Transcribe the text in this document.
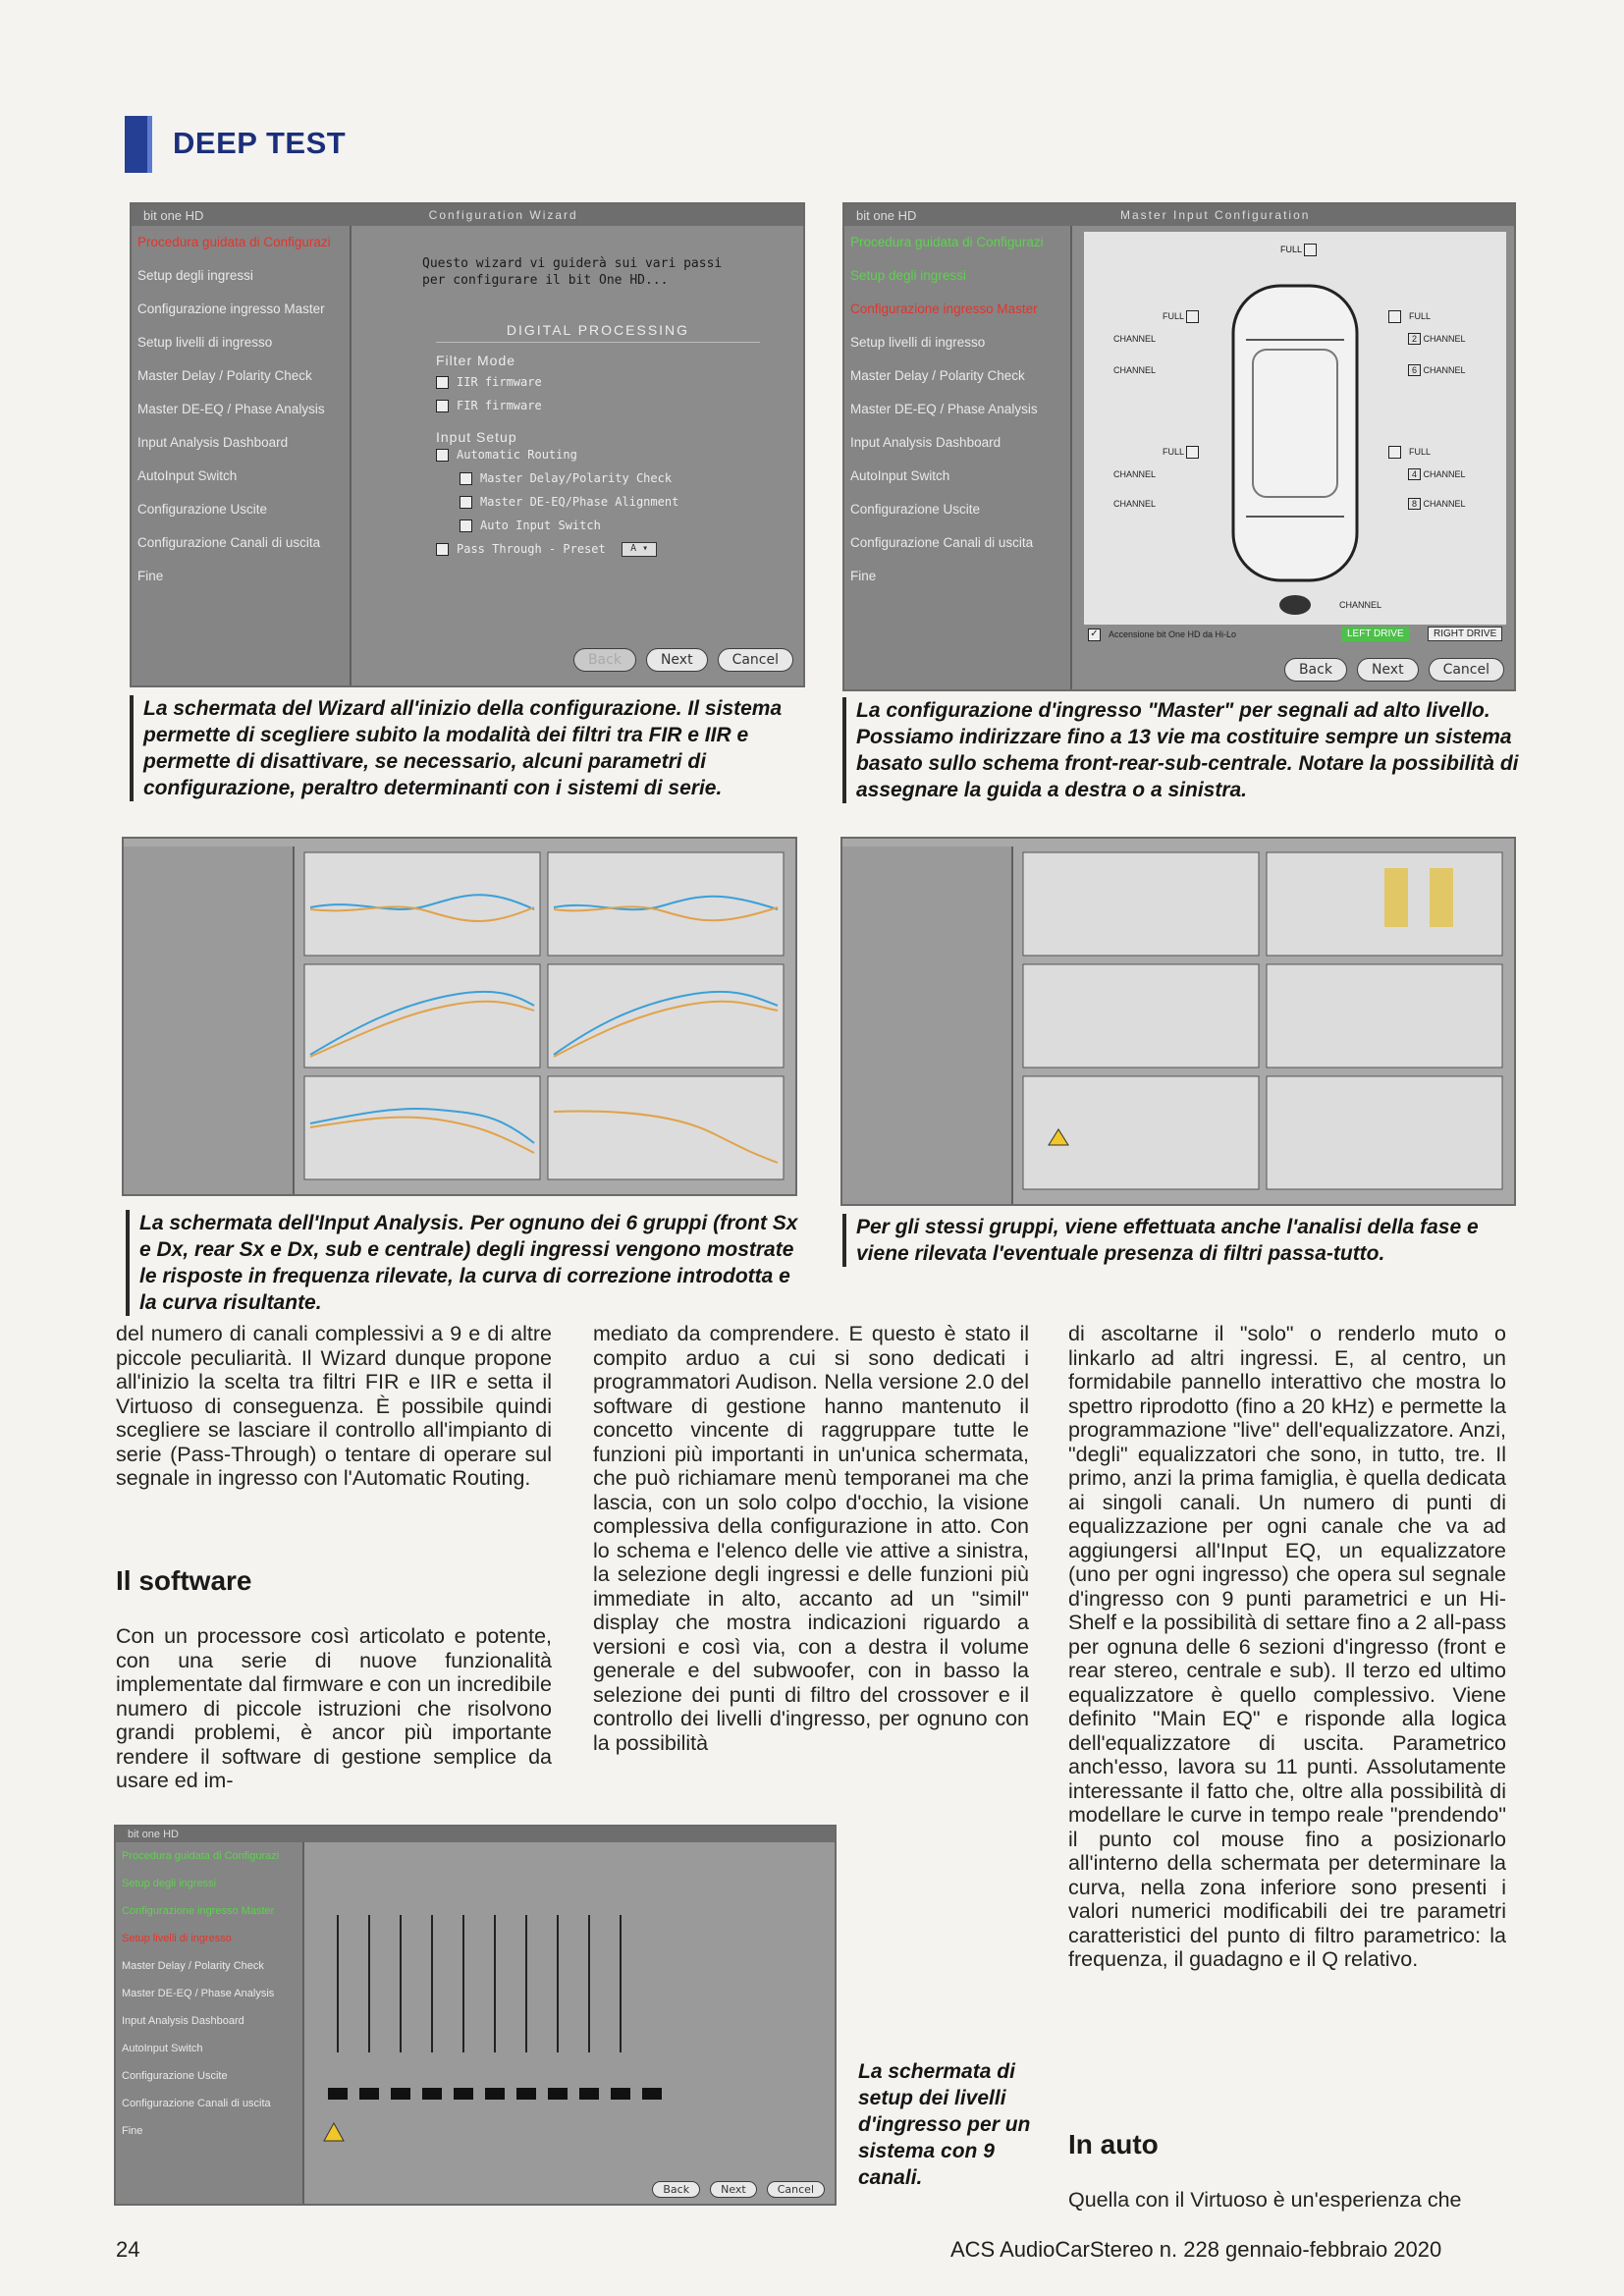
DEEP TEST
bit one HD	Configuration Wizard
Procedura guidata di Configurazi
Setup degli ingressi
Configurazione ingresso Master
Setup livelli di ingresso
Master Delay / Polarity Check
Master DE-EQ / Phase Analysis
Input Analysis Dashboard
AutoInput Switch
Configurazione Uscite
Configurazione Canali di uscita
Fine
Questo wizard vi guiderà sui vari passi per configurare il bit One HD...
DIGITAL PROCESSING
Filter Mode
IIR firmware
✓ FIR firmware
Input Setup
✓ Automatic Routing
✓ Master Delay/Polarity Check
✓ Master DE-EQ/Phase Alignment
✓ Auto Input Switch
Pass Through - Preset	A ▾
Back	Next	Cancel
bit one HD	Master Input Configuration
Procedura guidata di Configurazi
Setup degli ingressi
Configurazione ingresso Master
Setup livelli di ingresso
Master Delay / Polarity Check
Master DE-EQ / Phase Analysis
Input Analysis Dashboard
AutoInput Switch
Configurazione Uscite
Configurazione Canali di uscita
Fine
FULL
FULL	FULL
FULL	FULL
2 CHANNEL
6 CHANNEL
4 CHANNEL
8 CHANNEL
CHANNEL
CHANNEL
CHANNEL
CHANNEL
CHANNEL
✓ Accensione bit One HD da Hi-Lo	LEFT DRIVE	RIGHT DRIVE
Back	Next	Cancel
La schermata del Wizard all'inizio della configurazione. Il sistema permette di scegliere subito la modalità dei filtri tra FIR e IIR e permette di disattivare, se necessario, alcuni parametri di configurazione, peraltro determinanti con i sistemi di serie.
La configurazione d'ingresso "Master" per segnali ad alto livello. Possiamo indirizzare fino a 13 vie ma costituire sempre un sistema basato sullo schema front-rear-sub-centrale. Notare la possibilità di assegnare la guida a destra o a sinistra.
La schermata dell'Input Analysis. Per ognuno dei 6 gruppi (front Sx e Dx, rear Sx e Dx, sub e centrale) degli ingressi vengono mostrate le risposte in frequenza rilevate, la curva di correzione introdotta e la curva risultante.
Per gli stessi gruppi, viene effettuata anche l'analisi della fase e viene rilevata l'eventuale presenza di filtri passa-tutto.
del numero di canali complessivi a 9 e di altre piccole peculiarità. Il Wizard dunque propone all'inizio la scelta tra filtri FIR e IIR e setta il Virtuoso di conseguenza. È possibile quindi scegliere se lasciare il controllo all'impianto di serie (Pass-Through) o tentare di operare sul segnale in ingresso con l'Automatic Routing.
Il software
Con un processore così articolato e potente, con una serie di nuove funzionalità implementate dal firmware e con un incredibile numero di piccole istruzioni che risolvono grandi problemi, è ancor più importante rendere il software di gestione semplice da usare ed im-
mediato da comprendere. E questo è stato il compito arduo a cui si sono dedicati i programmatori Audison. Nella versione 2.0 del software di gestione hanno mantenuto il concetto vincente di raggruppare tutte le funzioni più importanti in un'unica schermata, che può richiamare menù temporanei ma che lascia, con un solo colpo d'occhio, la visione complessiva della configurazione in atto. Con lo schema e l'elenco delle vie attive a sinistra, la selezione degli ingressi e delle funzioni più immediate in alto, accanto ad un "simil" display che mostra indicazioni riguardo a versioni e così via, con a destra il volume generale e del subwoofer, con in basso la selezione dei punti di filtro del crossover e il controllo dei livelli d'ingresso, per ognuno con la possibilità
di ascoltarne il "solo" o renderlo muto o linkarlo ad altri ingressi. E, al centro, un formidabile pannello interattivo che mostra lo spettro riprodotto (fino a 20 kHz) e permette la programmazione "live" dell'equalizzatore. Anzi, "degli" equalizzatori che sono, in tutto, tre. Il primo, anzi la prima famiglia, è quella dedicata ai singoli canali. Un numero di punti di equalizzazione per ogni canale che va ad aggiungersi all'Input EQ, un equalizzatore (uno per ogni ingresso) che opera sul segnale d'ingresso con 9 punti parametrici e un Hi-Shelf e la possibilità di settare fino a 2 all-pass per ognuna delle 6 sezioni d'ingresso (front e rear stereo, centrale e sub). Il terzo ed ultimo equalizzatore è quello complessivo. Viene definito "Main EQ" e risponde alla logica dell'equalizzatore di uscita. Parametrico anch'esso, lavora su 11 punti. Assolutamente interessante il fatto che, oltre alla possibilità di modellare le curve in tempo reale "prendendo" il punto col mouse fino a posizionarlo all'interno della schermata per determinare la curva, nella zona inferiore sono presenti i valori numerici modificabili dei tre parametri caratteristici del punto di filtro parametrico: la frequenza, il guadagno e il Q relativo.
In auto
Quella con il Virtuoso è un'esperienza che
bit one HD
Procedura guidata di Configurazi
Setup degli ingressi
Configurazione ingresso Master
Setup livelli di ingresso
Master Delay / Polarity Check
Master DE-EQ / Phase Analysis
Input Analysis Dashboard
AutoInput Switch
Configurazione Uscite
Configurazione Canali di uscita
Fine
Back	Next	Cancel
La schermata di setup dei livelli d'ingresso per un sistema con 9 canali.
24	ACS AudioCarStereo n. 228 gennaio-febbraio 2020
